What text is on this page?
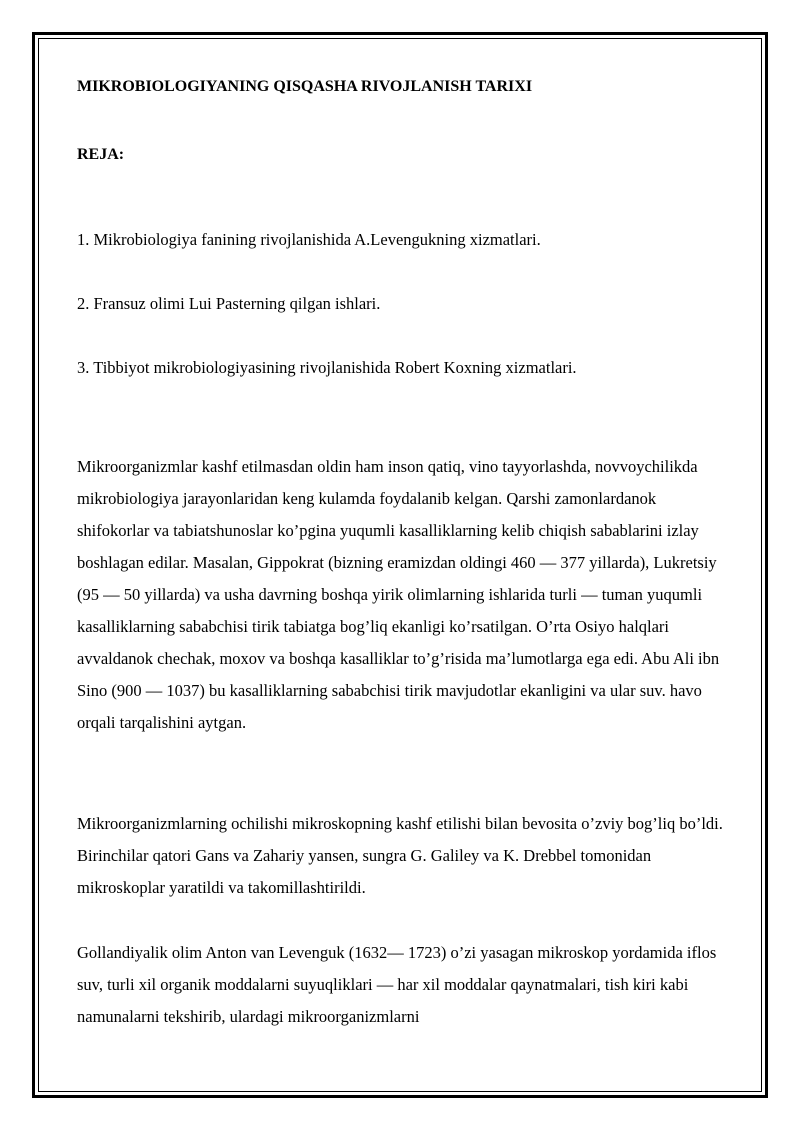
MIKROBIOLOGIYANING QISQASHA RIVOJLANISH TARIXI
REJA:
1. Mikrobiologiya fanining rivojlanishida A.Levengukning xizmatlari.
2. Fransuz olimi Lui Pasterning qilgan ishlari.
3. Tibbiyot mikrobiologiyasining rivojlanishida Robert Koxning xizmatlari.

Mikroorganizmlar kashf etilmasdan oldin ham inson qatiq, vino tayyorlashda, novvoychilikda mikrobiologiya jarayonlaridan keng kulamda foydalanib kelgan. Qarshi zamonlardanok shifokorlar va tabiatshunoslar ko’pgina yuqumli kasalliklarning kelib chiqish sabablarini izlay boshlagan edilar. Masalan, Gippokrat (bizning eramizdan oldingi 460 — 377 yillarda), Lukretsiy (95 — 50 yillarda) va usha davrning boshqa yirik olimlarning ishlarida turli — tuman yuqumli kasalliklarning sababchisi tirik tabiatga bog’liq ekanligi ko’rsatilgan. O’rta Osiyo halqlari avvaldanok chechak, moxov va boshqa kasalliklar to’g’risida ma’lumotlarga ega edi. Abu Ali ibn Sino (900 — 1037) bu kasalliklarning sababchisi tirik mavjudotlar ekanligini va ular suv. havo orqali tarqalishini aytgan.

Mikroorganizmlarning ochilishi mikroskopning kashf etilishi bilan bevosita o’zviy bog’liq bo’ldi. Birinchilar qatori Gans va Zahariy yansen, sungra G. Galiley va K. Drebbel tomonidan mikroskoplar yaratildi va takomillashtirildi.

Gollandiyalik olim Anton van Levenguk (1632— 1723) o’zi yasagan mikroskop yordamida iflos suv, turli xil organik moddalarni suyuqliklari — har xil moddalar qaynatmalari, tish kiri kabi namunalarni tekshirib, ulardagi mikroorganizmlarni
